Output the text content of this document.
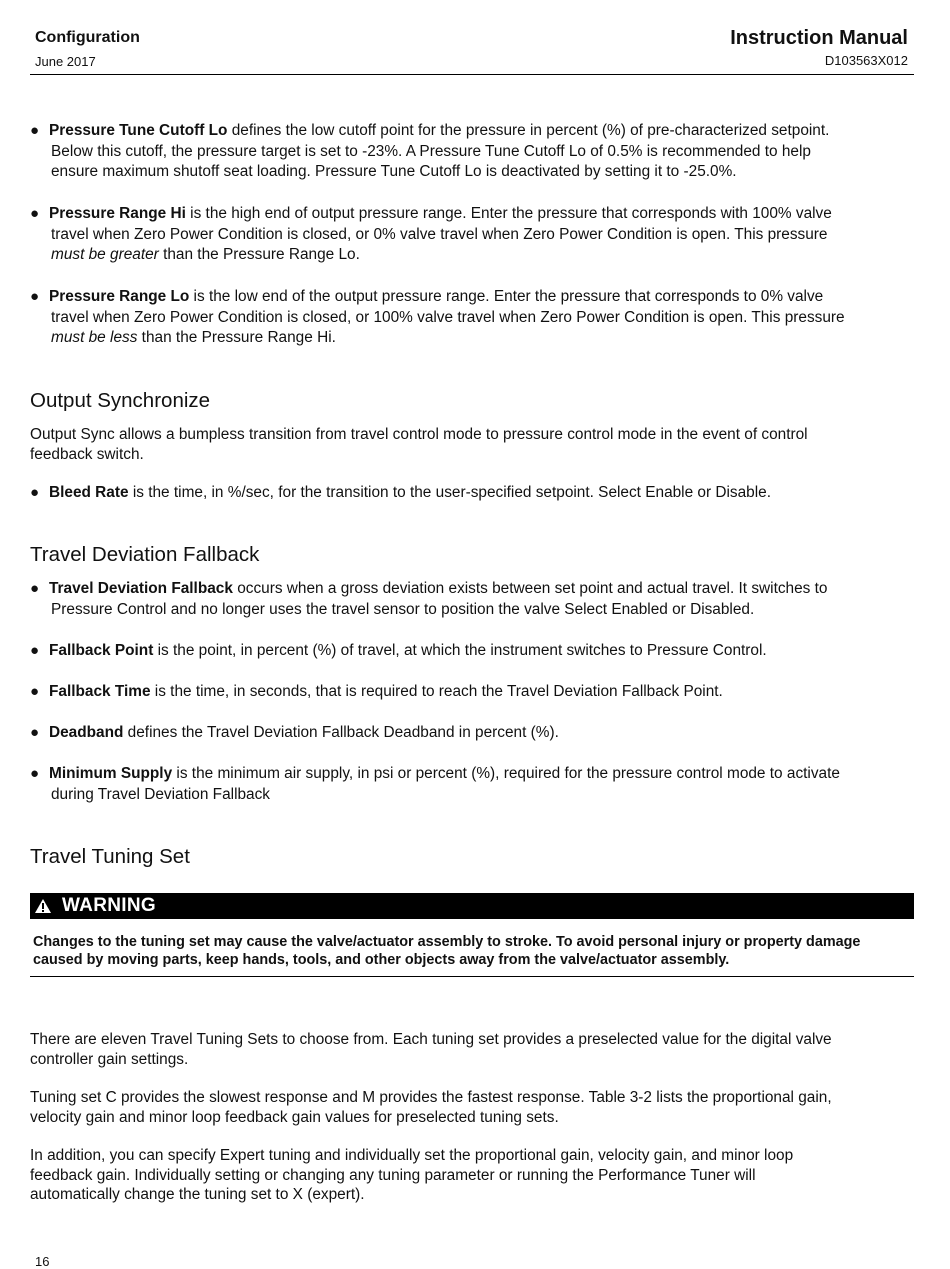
Configuration
June 2017
Instruction Manual
D103563X012
● Pressure Tune Cutoff Lo defines the low cutoff point for the pressure in percent (%) of pre-characterized setpoint.
Below this cutoff, the pressure target is set to -23%. A Pressure Tune Cutoff Lo of 0.5% is recommended to help
ensure maximum shutoff seat loading. Pressure Tune Cutoff Lo is deactivated by setting it to -25.0%.
● Pressure Range Hi is the high end of output pressure range. Enter the pressure that corresponds with 100% valve
travel when Zero Power Condition is closed, or 0% valve travel when Zero Power Condition is open. This pressure
must be greater than the Pressure Range Lo.
● Pressure Range Lo is the low end of the output pressure range. Enter the pressure that corresponds to 0% valve
travel when Zero Power Condition is closed, or 100% valve travel when Zero Power Condition is open. This pressure
must be less than the Pressure Range Hi.
Output Synchronize
Output Sync allows a bumpless transition from travel control mode to pressure control mode in the event of control
feedback switch.
● Bleed Rate is the time, in %/sec, for the transition to the user-specified setpoint. Select Enable or Disable.
Travel Deviation Fallback
● Travel Deviation Fallback occurs when a gross deviation exists between set point and actual travel. It switches to
Pressure Control and no longer uses the travel sensor to position the valve Select Enabled or Disabled.
● Fallback Point is the point, in percent (%) of travel, at which the instrument switches to Pressure Control.
● Fallback Time is the time, in seconds, that is required to reach the Travel Deviation Fallback Point.
● Deadband defines the Travel Deviation Fallback Deadband in percent (%).
● Minimum Supply is the minimum air supply, in psi or percent (%), required for the pressure control mode to activate
during Travel Deviation Fallback
Travel Tuning Set
WARNING
Changes to the tuning set may cause the valve/actuator assembly to stroke. To avoid personal injury or property damage
caused by moving parts, keep hands, tools, and other objects away from the valve/actuator assembly.
There are eleven Travel Tuning Sets to choose from. Each tuning set provides a preselected value for the digital valve
controller gain settings.
Tuning set C provides the slowest response and M provides the fastest response. Table 3-2 lists the proportional gain,
velocity gain and minor loop feedback gain values for preselected tuning sets.
In addition, you can specify Expert tuning and individually set the proportional gain, velocity gain, and minor loop
feedback gain. Individually setting or changing any tuning parameter or running the Performance Tuner will
automatically change the tuning set to X (expert).
16
